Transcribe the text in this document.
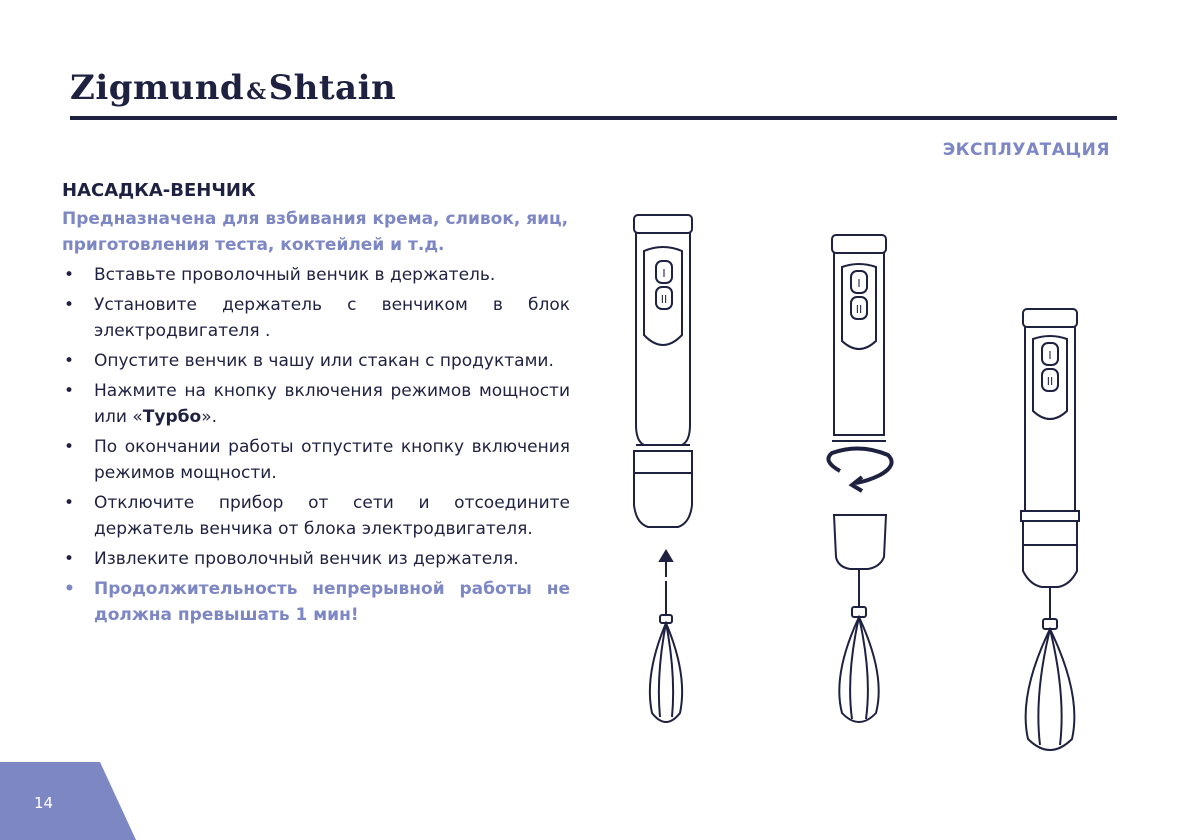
Zigmund&Shtain
ЭКСПЛУАТАЦИЯ
НАСАДКА-ВЕНЧИК
Предназначена для взбивания крема, сливок, яиц, приготовления теста, коктейлей и т.д.
• Вставьте проволочный венчик в держатель.
• Установите держатель с венчиком в блок электродвигателя .
• Опустите венчик в чашу или стакан с продуктами.
• Нажмите на кнопку включения режимов мощности или «Турбо».
• По окончании работы отпустите кнопку включения режимов мощности.
• Отключите прибор от сети и отсоедините держатель венчика от блока электродвигателя.
• Извлеките проволочный венчик из держателя.
• Продолжительность непрерывной работы не должна превышать 1 мин!
I
II
I
II
I
II
14
